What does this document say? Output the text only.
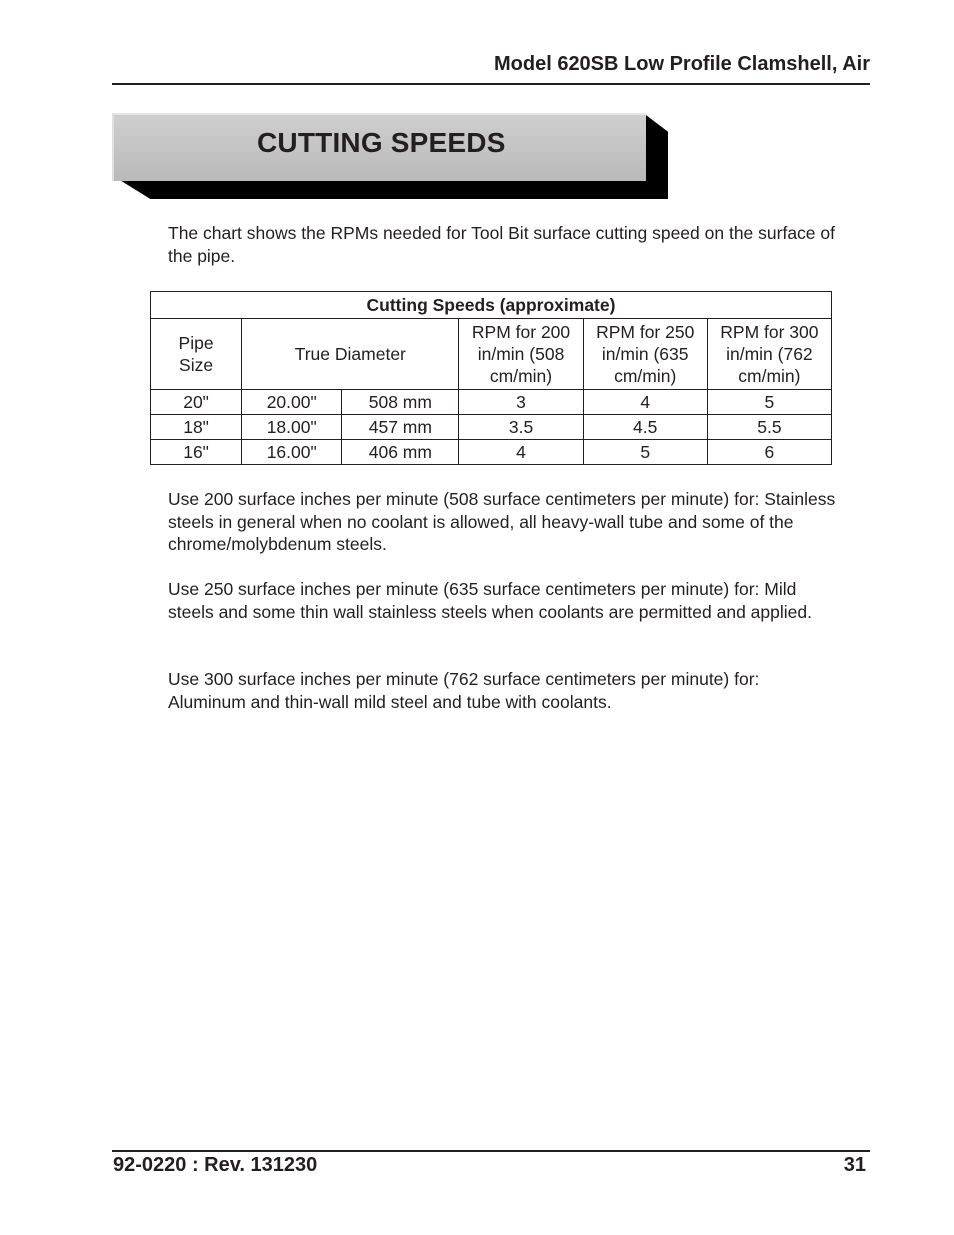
Model 620SB Low Profile Clamshell, Air
CUTTING SPEEDS

The chart shows the RPMs needed for Tool Bit surface cutting speed on the surface of the pipe.

Cutting Speeds (approximate)					
Pipe Size	True Diameter		RPM for 200 in/min (508 cm/min)	RPM for 250 in/min (635 cm/min)	RPM for 300 in/min (762 cm/min)
20"	20.00"	508 mm	3	4	5
18"	18.00"	457 mm	3.5	4.5	5.5
16"	16.00"	406 mm	4	5	6

Use 200 surface inches per minute (508 surface centimeters per minute) for: Stainless steels in general when no coolant is allowed, all heavy-wall tube and some of the chrome/molybdenum steels.

Use 250 surface inches per minute (635 surface centimeters per minute) for: Mild steels and some thin wall stainless steels when coolants are permitted and applied.

Use 300 surface inches per minute (762 surface centimeters per minute) for: Aluminum and thin-wall mild steel and tube with coolants.

92-0220 : Rev. 131230	31
